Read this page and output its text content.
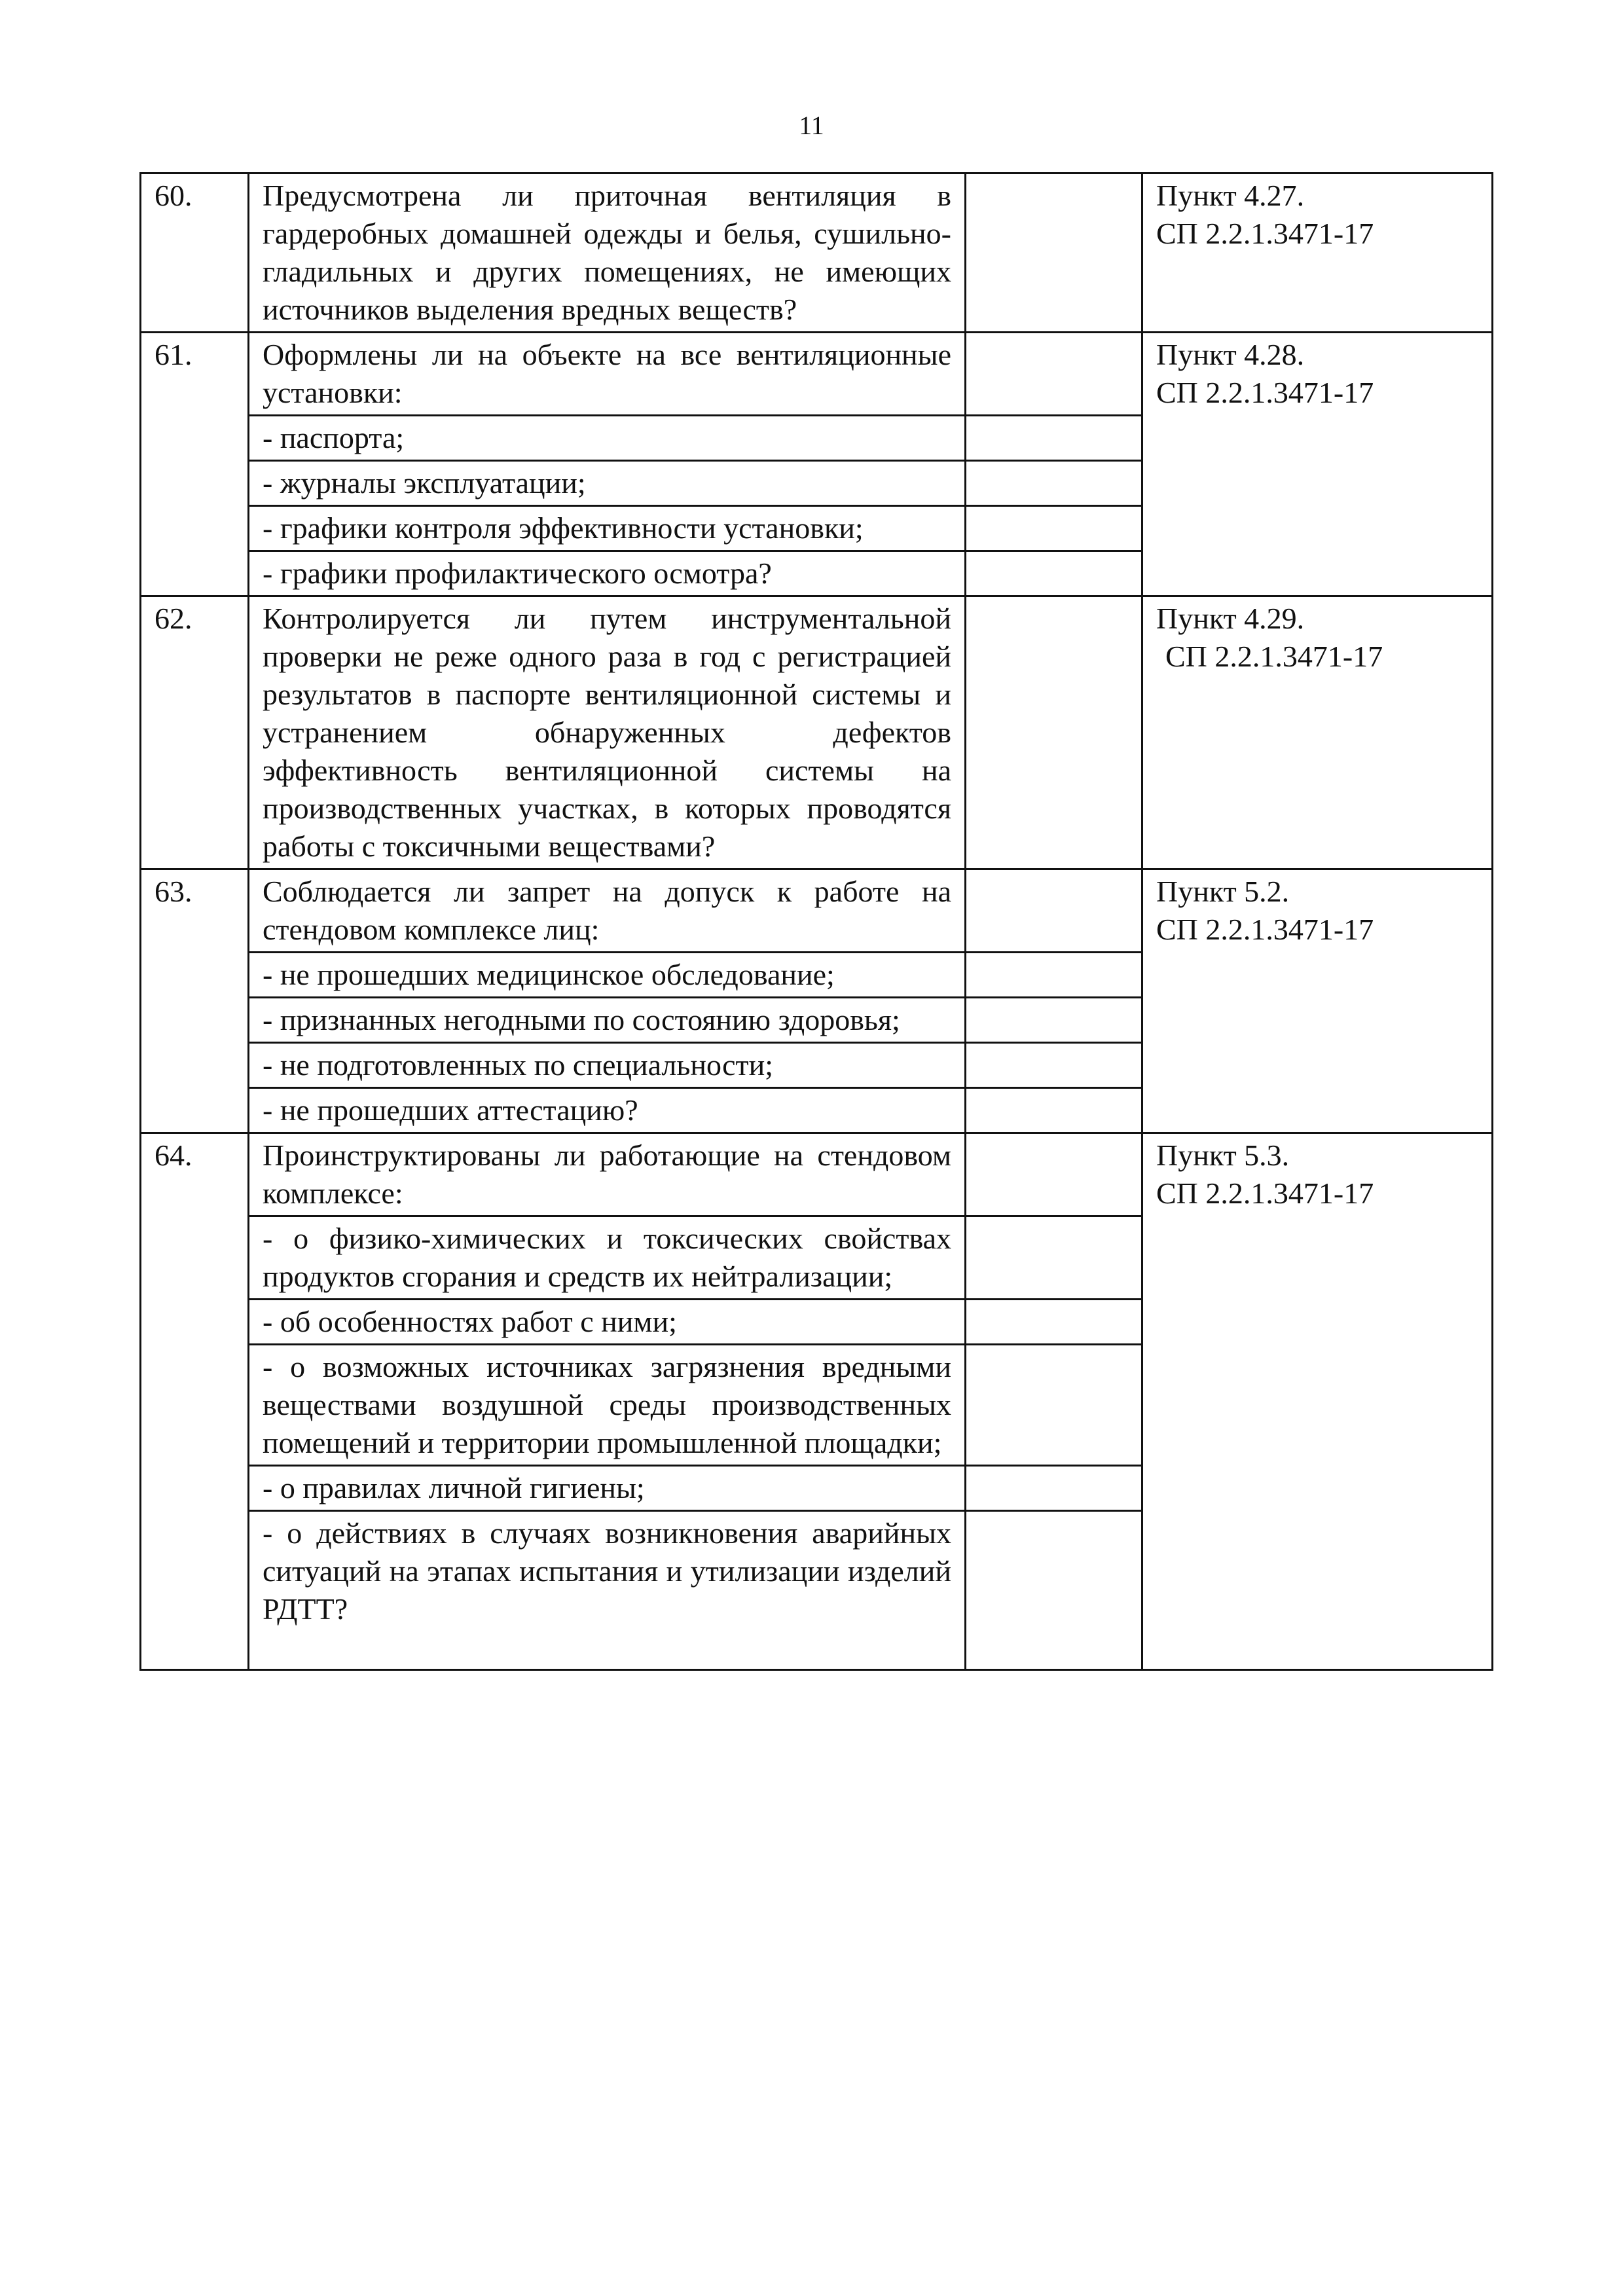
11
60.	Предусмотрена ли приточная вентиляция в гардеробных домашней одежды и белья, сушильно-гладильных и других помещениях, не имеющих источников выделения вредных веществ?		Пункт 4.27.
СП 2.2.1.3471-17

61.	Оформлены ли на объекте на все вентиляционные установки:		Пункт 4.28.
СП 2.2.1.3471-17

	- паспорта;		
	- журналы эксплуатации;		
	- графики контроля эффективности установки;		
	- графики профилактического осмотра?		
62.	Контролируется ли путем инструментальной проверки не реже одного раза в год с регистрацией результатов в паспорте вентиляционной системы и устранением обнаруженных дефектов эффективность вентиляционной системы на производственных участках, в которых проводятся работы с токсичными веществами?		Пункт 4.29.
СП 2.2.1.3471-17

63.	Соблюдается ли запрет на допуск к работе на стендовом комплексе лиц:		Пункт 5.2.
СП 2.2.1.3471-17

	- не прошедших медицинское обследование;		
	- признанных негодными по состоянию здоровья;		
	- не подготовленных по специальности;		
	- не прошедших аттестацию?		
64.	Проинструктированы ли работающие на стендовом комплексе:		Пункт 5.3.
СП 2.2.1.3471-17

	- о физико-химических и токсических свойствах продуктов сгорания и средств их нейтрализации;		
	- об особенностях работ с ними;		
	- о возможных источниках загрязнения вредными веществами воздушной среды производственных помещений и территории промышленной площадки;		
	- о правилах личной гигиены;		
	- о действиях в случаях возникновения аварийных ситуаций на этапах испытания и утилизации изделий РДТТ?		
